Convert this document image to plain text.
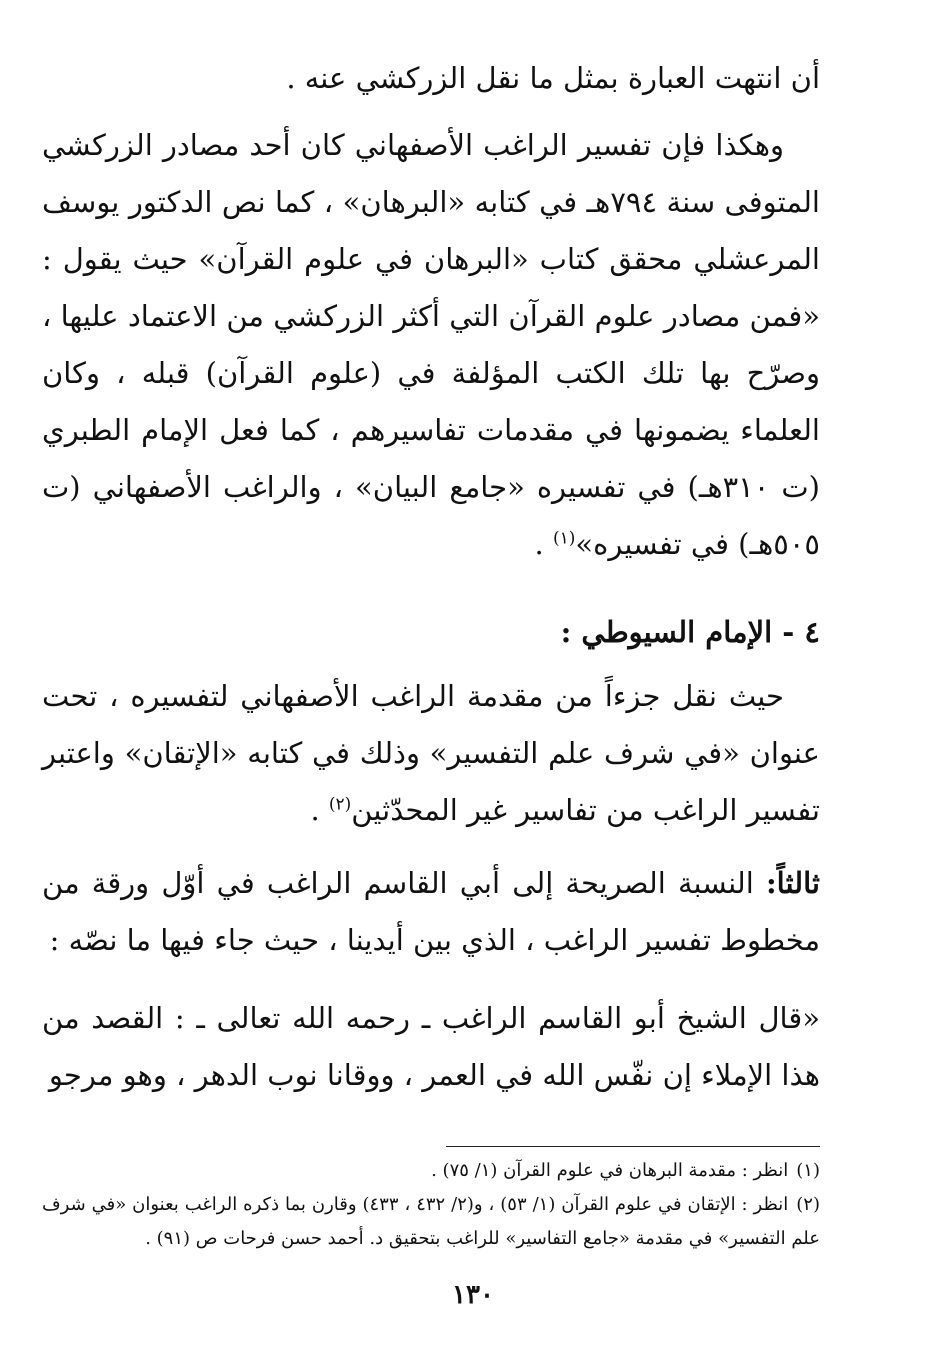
أن انتهت العبارة بمثل ما نقل الزركشي عنه .

وهكذا فإن تفسير الراغب الأصفهاني كان أحد مصادر الزركشي المتوفى سنة ٧٩٤هـ في كتابه «البرهان» ، كما نص الدكتور يوسف المرعشلي محقق كتاب «البرهان في علوم القرآن» حيث يقول : «فمن مصادر علوم القرآن التي أكثر الزركشي من الاعتماد عليها ، وصرّح بها تلك الكتب المؤلفة في (علوم القرآن) قبله ، وكان العلماء يضمونها في مقدمات تفاسيرهم ، كما فعل الإمام الطبري (ت ٣١٠هـ) في تفسيره «جامع البيان» ، والراغب الأصفهاني (ت ٥٠٥هـ) في تفسيره»$^{(١)}$ .

٤ - الإمام السيوطي :

حيث نقل جزءاً من مقدمة الراغب الأصفهاني لتفسيره ، تحت عنوان «في شرف علم التفسير» وذلك في كتابه «الإتقان» واعتبر تفسير الراغب من تفاسير غير المحدّثين$^{(٢)}$ .

ثالثاً: النسبة الصريحة إلى أبي القاسم الراغب في أوّل ورقة من مخطوط تفسير الراغب ، الذي بين أيدينا ، حيث جاء فيها ما نصّه :

«قال الشيخ أبو القاسم الراغب ـ رحمه الله تعالى ـ : القصد من هذا الإملاء إن نفّس الله في العمر ، ووقانا نوب الدهر ، وهو مرجو

(١)انظر : مقدمة البرهان في علوم القرآن (١/ ٧٥) .

(٢)انظر : الإتقان في علوم القرآن (١/ ٥٣) ، و(٢/ ٤٣٢ ، ٤٣٣) وقارن بما ذكره الراغب بعنوان «في شرف علم التفسير» في مقدمة «جامع التفاسير» للراغب بتحقيق د. أحمد حسن فرحات ص (٩١) .

١٣٠
